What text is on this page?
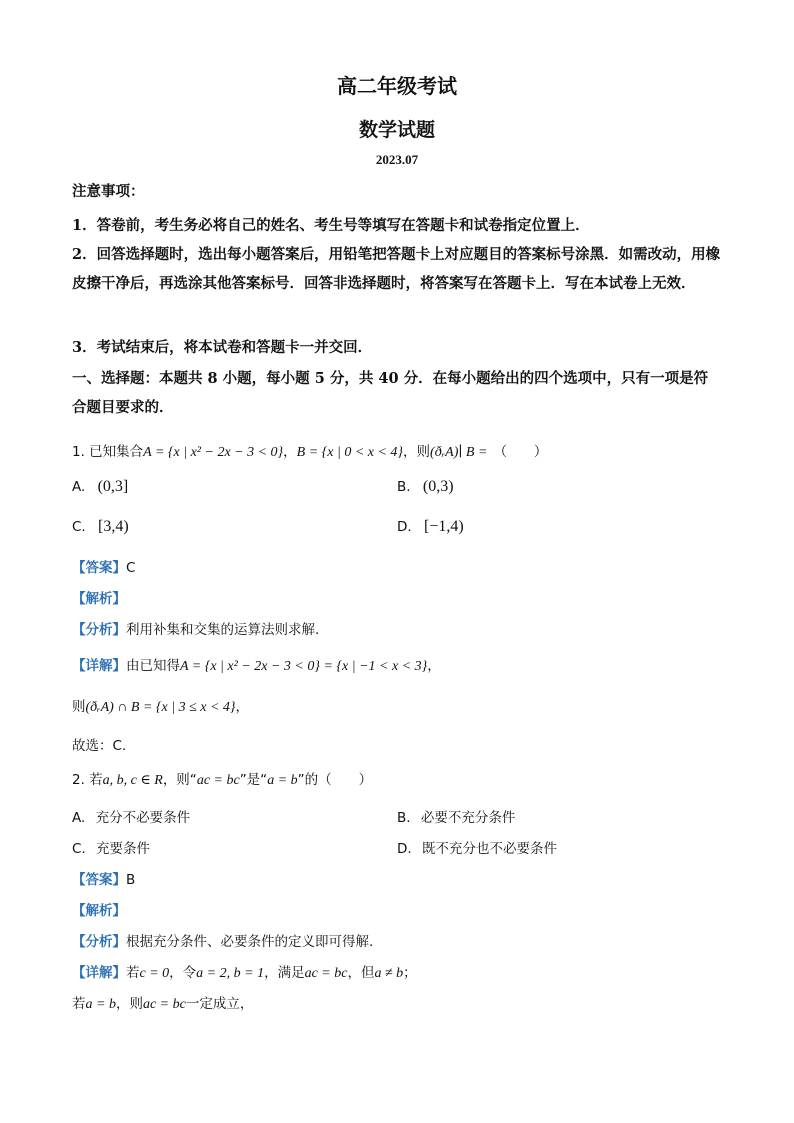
高二年级考试
数学试题
2023.07
注意事项：
1．答卷前，考生务必将自己的姓名、考生号等填写在答题卡和试卷指定位置上．
2．回答选择题时，选出每小题答案后，用铅笔把答题卡上对应题目的答案标号涂黑．如需改动，用橡皮擦干净后，再选涂其他答案标号．回答非选择题时，将答案写在答题卡上．写在本试卷上无效．
3．考试结束后，将本试卷和答题卡一并交回．
一、选择题：本题共 8 小题，每小题 5 分，共 40 分．在每小题给出的四个选项中，只有一项是符合题目要求的．
1. 已知集合A = {x | x² − 2x − 3 < 0}，B = {x | 0 < x < 4}，则(ðᵣA)∣ B = （　　）
A. (0,3]	B. (0,3)
C. [3,4)	D. [−1,4)
【答案】C
【解析】
【分析】利用补集和交集的运算法则求解.
【详解】由已知得A = {x | x² − 2x − 3 < 0} = {x | −1 < x < 3}，
则(ðᵣA) ∩ B = {x | 3 ≤ x < 4}，
故选：C.
2. 若a, b, c ∈ R，则“ac = bc”是“a = b”的（　　）
A. 充分不必要条件	B. 必要不充分条件
C. 充要条件	D. 既不充分也不必要条件
【答案】B
【解析】
【分析】根据充分条件、必要条件的定义即可得解.
【详解】若c = 0，令a = 2, b = 1，满足ac = bc，但a ≠ b；
若a = b，则ac = bc一定成立，
